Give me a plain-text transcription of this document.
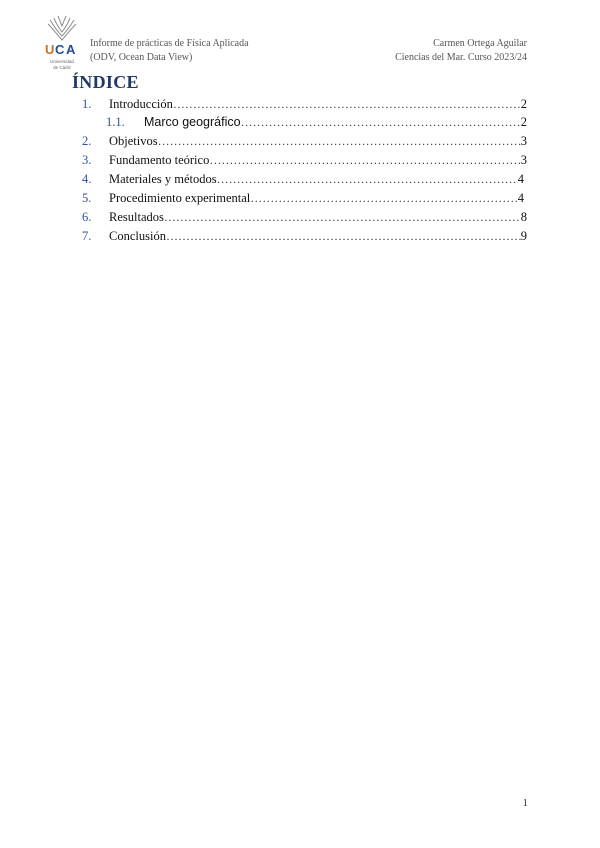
U C A
Universidad
de Cádiz
Informe de prácticas de Física Aplicada
(ODV, Ocean Data View)
Carmen Ortega Aguilar
Ciencias del Mar. Curso 2023/24
ÍNDICE
1.	Introducción ……………………………………………………………………………………………………………………………………………………	2
1.1.	Marco geográfico ……………………………………………………………………………………………………………………………………………………	2
2.	Objetivos ……………………………………………………………………………………………………………………………………………………	3
3.	Fundamento teórico ……………………………………………………………………………………………………………………………………………………	3
4.	Materiales y métodos ……………………………………………………………………………………………………………………………………………………	4
5.	Procedimiento experimental ……………………………………………………………………………………………………………………………………………………	4
6.	Resultados ……………………………………………………………………………………………………………………………………………………	8
7.	Conclusión ……………………………………………………………………………………………………………………………………………………	9
1
